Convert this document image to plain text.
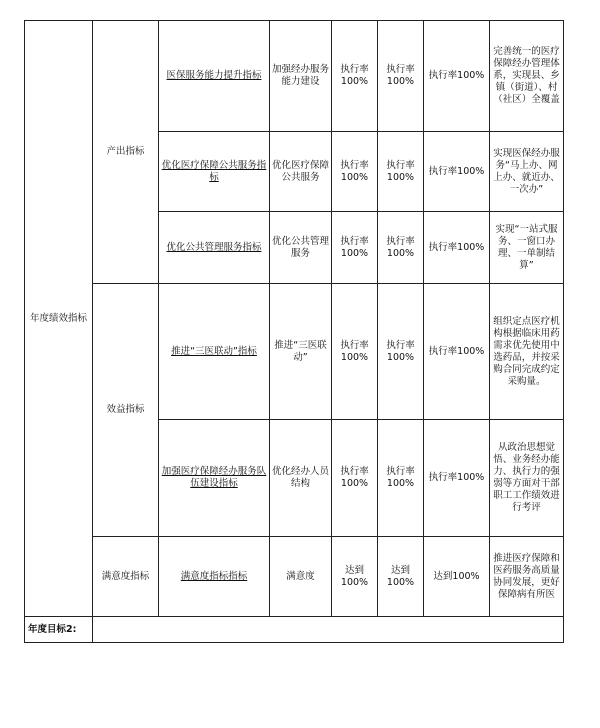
年度绩效指标	产出指标	医保服务能力提升指标	加强经办服务能力建设	执行率100%	执行率100%	执行率100%	完善统一的医疗保障经办管理体系，实现县、乡镇（街道）、村（社区）全覆盖
		优化医疗保障公共服务指标	优化医疗保障公共服务	执行率100%	执行率100%	执行率100%	实现医保经办服务“马上办、网上办、就近办、一次办”
		优化公共管理服务指标	优化公共管理服务	执行率100%	执行率100%	执行率100%	实现“一站式服务、一窗口办理、一单制结算”
	效益指标	推进“三医联动”指标	推进“三医联动”	执行率100%	执行率100%	执行率100%	组织定点医疗机构根据临床用药需求优先使用中选药品，并按采购合同完成约定采购量。
		加强医疗保障经办服务队伍建设指标	优化经办人员结构	执行率100%	执行率100%	执行率100%	从政治思想觉悟、业务经办能力、执行力的强弱等方面对干部职工工作绩效进行考评
	满意度指标	满意度指标指标	满意度	达到100%	达到100%	达到100%	推进医疗保障和医药服务高质量协同发展，更好保障病有所医
年度目标2:							
